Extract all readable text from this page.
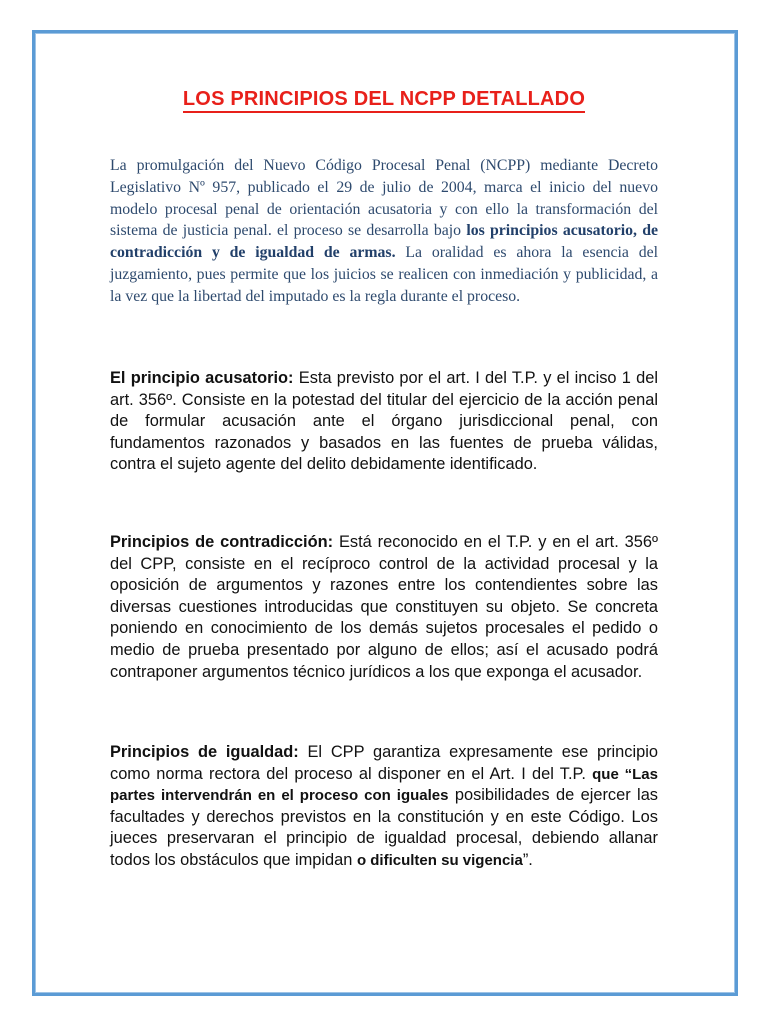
LOS PRINCIPIOS DEL NCPP DETALLADO

La promulgación del Nuevo Código Procesal Penal (NCPP) mediante Decreto Legislativo Nº 957, publicado el 29 de julio de 2004, marca el inicio del nuevo modelo procesal penal de orientación acusatoria y con ello la transformación del sistema de justicia penal. el proceso se desarrolla bajo los principios acusatorio, de contradicción y de igualdad de armas. La oralidad es ahora la esencia del juzgamiento, pues permite que los juicios se realicen con inmediación y publicidad, a la vez que la libertad del imputado es la regla durante el proceso.

El principio acusatorio: Esta previsto por el art. I del T.P. y el inciso 1 del art. 356º. Consiste en la potestad del titular del ejercicio de la acción penal de formular acusación ante el órgano jurisdiccional penal, con fundamentos razonados y basados en las fuentes de prueba válidas, contra el sujeto agente del delito debidamente identificado.

Principios de contradicción: Está reconocido en el T.P. y en el art. 356º del CPP, consiste en el recíproco control de la actividad procesal y la oposición de argumentos y razones entre los contendientes sobre las diversas cuestiones introducidas que constituyen su objeto. Se concreta poniendo en conocimiento de los demás sujetos procesales el pedido o medio de prueba presentado por alguno de ellos; así el acusado podrá contraponer argumentos técnico jurídicos a los que exponga el acusador.

Principios de igualdad: El CPP garantiza expresamente ese principio como norma rectora del proceso al disponer en el Art. I del T.P. que “Las partes intervendrán en el proceso con iguales posibilidades de ejercer las facultades y derechos previstos en la constitución y en este Código. Los jueces preservaran el principio de igualdad procesal, debiendo allanar todos los obstáculos que impidan o dificulten su vigencia”.
